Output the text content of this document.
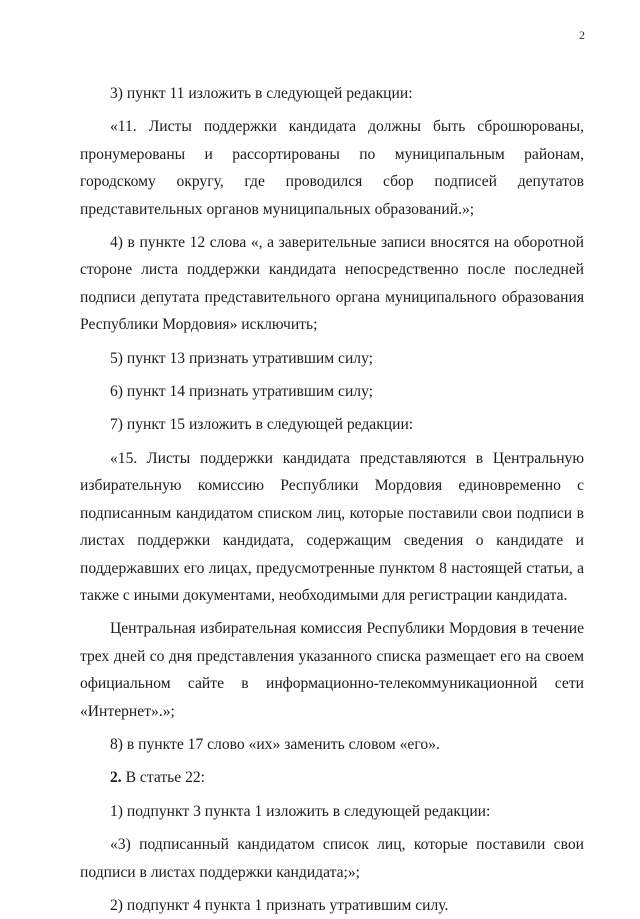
2

3) пункт 11 изложить в следующей редакции:

«11. Листы поддержки кандидата должны быть сброшюрованы, пронумерованы и рассортированы по муниципальным районам, городскому округу, где проводился сбор подписей депутатов представительных органов муниципальных образований.»;

4) в пункте 12 слова «, а заверительные записи вносятся на оборотной стороне листа поддержки кандидата непосредственно после последней подписи депутата представительного органа муниципального образования Республики Мордовия» исключить;

5) пункт 13 признать утратившим силу;

6) пункт 14 признать утратившим силу;

7) пункт 15 изложить в следующей редакции:

«15. Листы поддержки кандидата представляются в Центральную избирательную комиссию Республики Мордовия единовременно с подписанным кандидатом списком лиц, которые поставили свои подписи в листах поддержки кандидата, содержащим сведения о кандидате и поддержавших его лицах, предусмотренные пунктом 8 настоящей статьи, а также с иными документами, необходимыми для регистрации кандидата.

Центральная избирательная комиссия Республики Мордовия в течение трех дней со дня представления указанного списка размещает его на своем официальном сайте в информационно-телекоммуникационной сети «Интернет».»;

8) в пункте 17 слово «их» заменить словом «его».

2. В статье 22:

1) подпункт 3 пункта 1 изложить в следующей редакции:

«3) подписанный кандидатом список лиц, которые поставили свои подписи в листах поддержки кандидата;»;

2) подпункт 4 пункта 1 признать утратившим силу.
